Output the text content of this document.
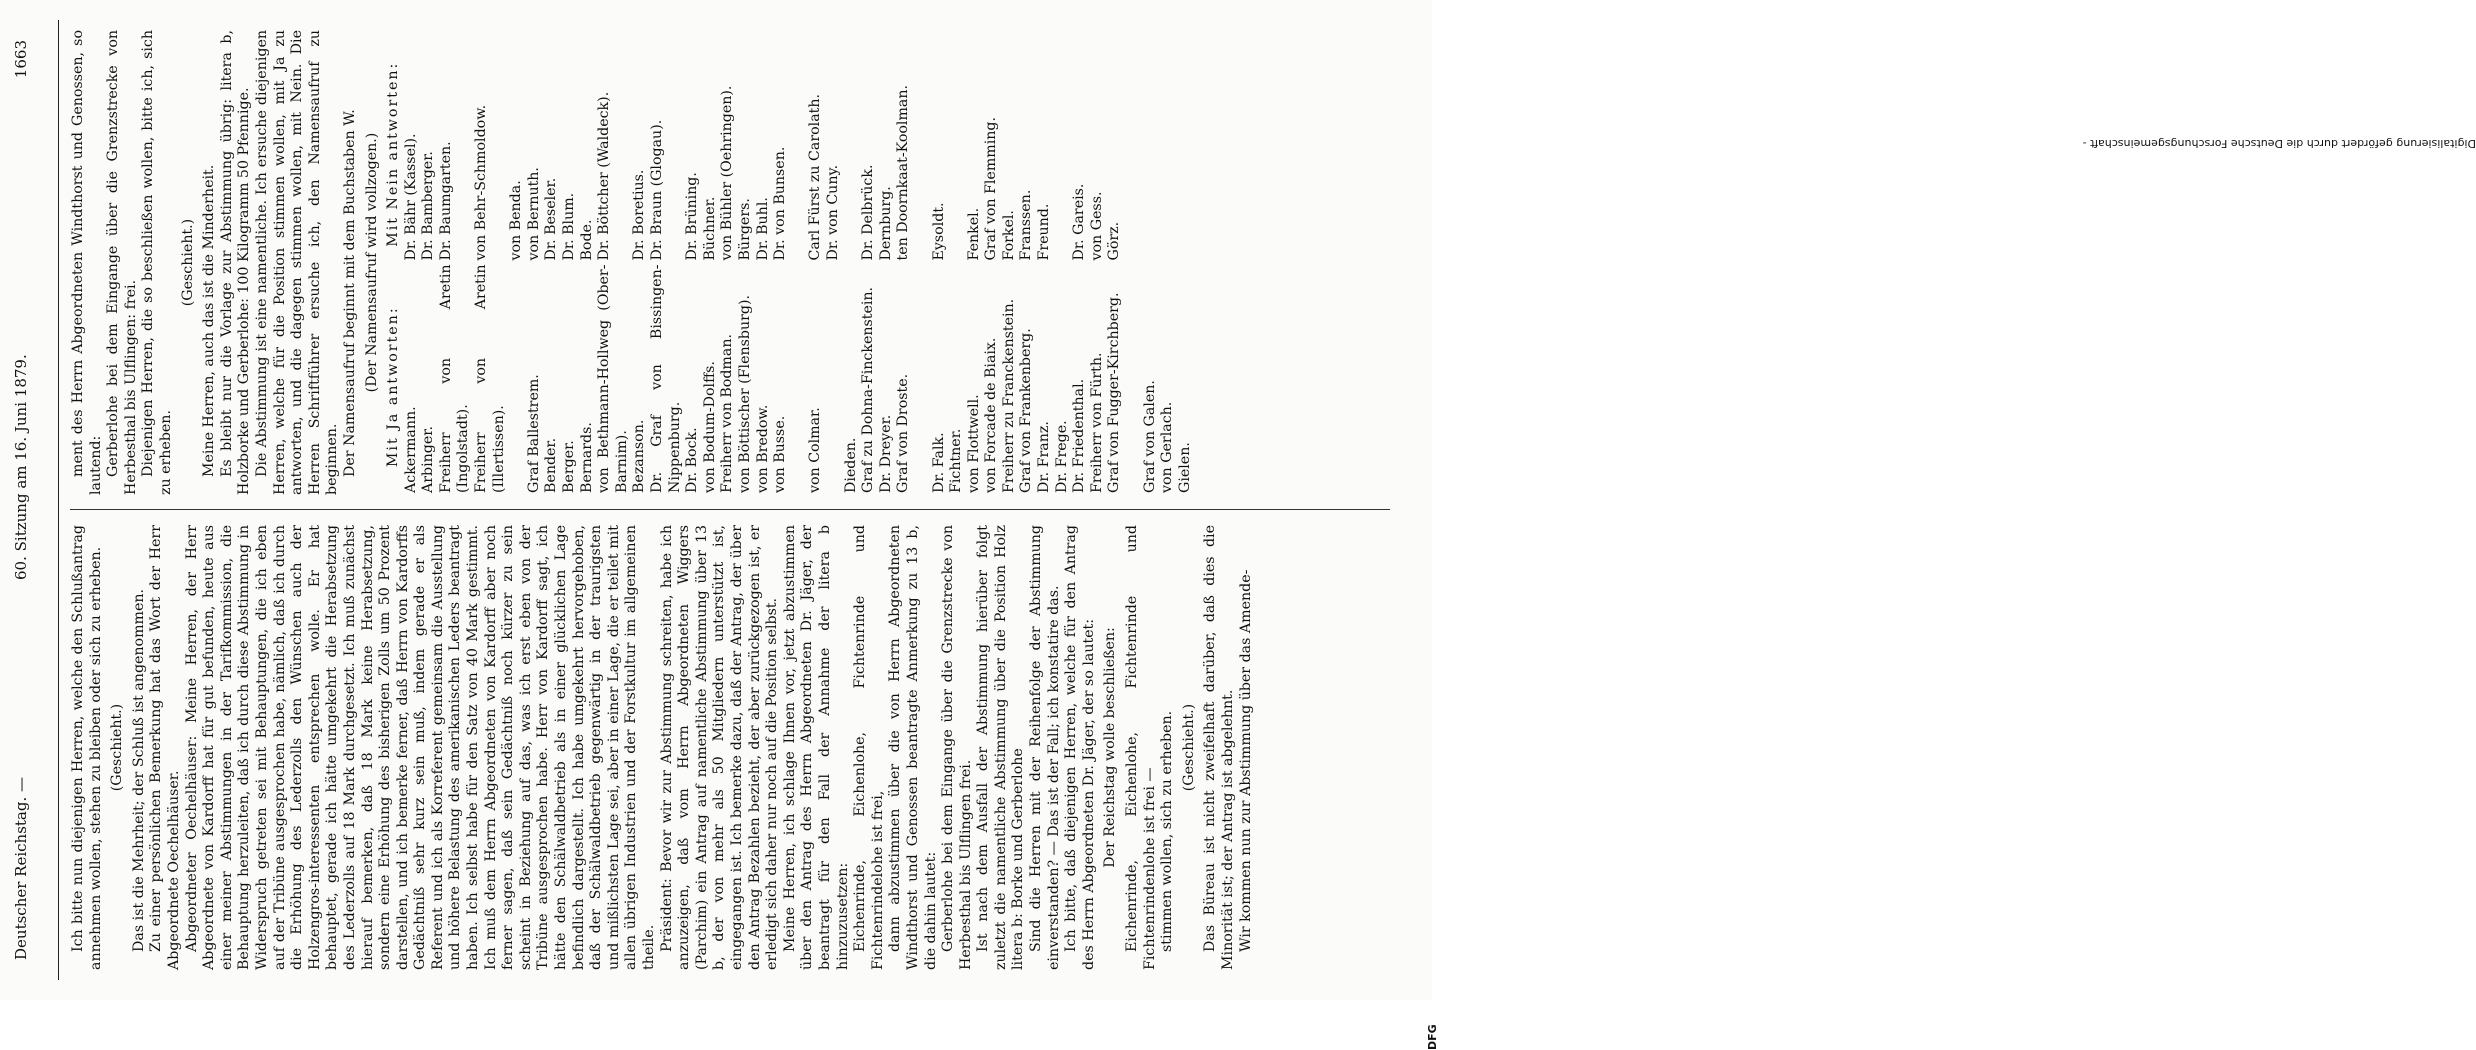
Deutscher Reichstag. —
60. Sitzung am 16. Juni 1879.
1663

Ich bitte nun diejenigen Herren, welche den Schlußantrag annehmen wollen, stehen zu bleiben oder sich zu erheben. (Geschieht.) Das ist die Mehrheit; der Schluß ist angenommen. Zu einer persönlichen Bemerkung hat das Wort der Herr Abgeordnete Oechelhäuser. Abgeordneter Oechelhäuser: Meine Herren, der Herr Abgeordnete von Kardorff hat für gut befunden, heute aus einer meiner Abstimmungen in der Tarifkommission, die Behauptung herzuleiten, daß ich durch diese Abstimmung in Widerspruch getreten sei mit Behauptungen, die ich eben auf der Tribüne ausgesprochen habe, nämlich, daß ich durch die Erhöhung des Lederzolls den Wünschen auch der Holzengros-interessenten entsprechen wolle. Er hat behauptet, gerade ich hätte umgekehrt die Herabsetzung des Lederzolls auf 18 Mark durchgesetzt. Ich muß zunächst hierauf bemerken, daß 18 Mark keine Herabsetzung, sondern eine Erhöhung des bisherigen Zolls um 50 Prozent darstellen, und ich bemerke ferner, daß Herrn von Kardorffs Gedächtniß sehr kurz sein muß, indem gerade er als Referent und ich als Korreferent gemeinsam die Ausstellung und höhere Belastung des amerikanischen Leders beantragt haben. Ich selbst habe für den Satz von 40 Mark gestimmt. Ich muß dem Herrn Abgeordneten von Kardorff aber noch ferner sagen, daß sein Gedächtniß noch kürzer zu sein scheint in Beziehung auf das, was ich erst eben von der Tribüne ausgesprochen habe. Herr von Kardorff sagt, ich hätte den Schälwaldbetrieb als in einer glücklichen Lage befindlich dargestellt. Ich habe umgekehrt hervorgehoben, daß der Schälwaldbetrieb gegenwärtig in der traurigsten und mißlichsten Lage sei, aber in einer Lage, die er teilet mit allen übrigen Industrien und der Forstkultur im allgemeinen theile. Präsident: Bevor wir zur Abstimmung schreiten, habe ich anzuzeigen, daß vom Herrn Abgeordneten Wiggers (Parchim) ein Antrag auf namentliche Abstimmung über 13 b, der von mehr als 50 Mitgliedern unterstützt ist, eingegangen ist. Ich bemerke dazu, daß der Antrag, der über den Antrag Bezahlen bezieht, der aber zurückgezogen ist, er erledigt sich daher nur noch auf die Position selbst. Meine Herren, ich schlage Ihnen vor, jetzt abzustimmen über den Antrag des Herrn Abgeordneten Dr. Jäger, der beantragt für den Fall der Annahme der litera b hinzuzusetzen: Eichenrinde, Eichenlohe, Fichtenrinde und Fichtenrindelohe ist frei, dann abzustimmen über die von Herrn Abgeordneten Windthorst und Genossen beantragte Anmerkung zu 13 b, die dahin lautet: Gerberlohe bei dem Eingange über die Grenzstrecke von Herbesthal bis Ulflingen frei. Ist nach dem Ausfall der Abstimmung hierüber folgt zuletzt die namentliche Abstimmung über die Position Holz litera b: Borke und Gerberlohe Sind die Herren mit der Reihenfolge der Abstimmung einverstanden? — Das ist der Fall; ich konstatire das. Ich bitte, daß diejenigen Herren, welche für den Antrag des Herrn Abgeordneten Dr. Jäger, der so lautet: Der Reichstag wolle beschließen: Eichenrinde, Eichenlohe, Fichtenrinde und Fichtenrindenlohe ist frei — stimmen wollen, sich zu erheben. (Geschieht.) Das Büreau ist nicht zweifelhaft darüber, daß dies die Minorität ist; der Antrag ist abgelehnt. Wir kommen nun zur Abstimmung über das Amende-

ment des Herrn Abgeordneten Windthorst und Genossen, so lautend: Gerberlohe bei dem Eingange über die Grenzstrecke von Herbesthal bis Ulflingen: frei. Diejenigen Herren, die so beschließen wollen, bitte ich, sich zu erheben.

(Geschieht.) Meine Herren, auch das ist die Minderheit. Es bleibt nur die Vorlage zur Abstimmung übrig: litera b, Holzborke und Gerberlohe: 100 Kilogramm 50 Pfennige. Die Abstimmung ist eine namentliche. Ich ersuche diejenigen Herren, welche für die Position stimmen wollen, mit Ja zu antworten, und die dagegen stimmen wollen, mit Nein. Die Herren Schriftführer ersuche ich, den Namensaufruf zu beginnen. Der Namensaufruf beginnt mit dem Buchstaben W. (Der Namensaufruf wird vollzogen.) Mit Ja antworten:	Mit Nein antworten:
Ackermann.	Dr. Bähr (Kassel).
Arbinger.	Dr. Bamberger.
Freiherr von Aretin (Ingolstadt).	Dr. Baumgarten.
Freiherr von Aretin (Illertissen).	von Behr-Schmoldow.
	von Benda.
Graf Ballestrem.	von Bernuth.
Bender.	Dr. Beseler.
Berger.	Dr. Blum.
Bernards.	Bode.
von Bethmann-Hollweg (Ober-Barnim).	Dr. Böttcher (Waldeck).
Bezanson.	Dr. Boretius.
Dr. Graf von Bissingen-Nippenburg.	Dr. Braun (Glogau).
Dr. Bock.	Dr. Brüning.
von Bodum-Dolffs.	Büchner.
Freiherr von Bodman.	von Bühler (Oehringen).
von Böttischer (Flensburg).	Bürgers.
von Bredow.	Dr. Buhl.
von Busse.	Dr. von Bunsen.

von Colmar.	Carl Fürst zu Carolath.
	Dr. von Cuny.
Dieden.	
Graf zu Dohna-Finckenstein.	Dr. Delbrück.
Dr. Dreyer.	Dernburg.
Graf von Droste.	ten Doornkaat-Koolman.

Dr. Falk.	Eysoldt.
Fichtner.	
von Flottwell.	Fenkel.
von Forcade de Biaix.	Graf von Flemming.
Freiherr zu Franckenstein.	Forkel.
Graf von Frankenberg.	Franssen.
Dr. Franz.	Freund.
Dr. Frege.	
Dr. Friedenthal.	Dr. Gareis.
Freiherr von Fürth.	von Gess.
Graf von Fugger-Kirchberg.	Görz.

Graf von Galen.	
von Gerlach.	
Gielen.	
Digitalisierung gefördert durch die Deutsche Forschungsgemeinschaft -
DFG
